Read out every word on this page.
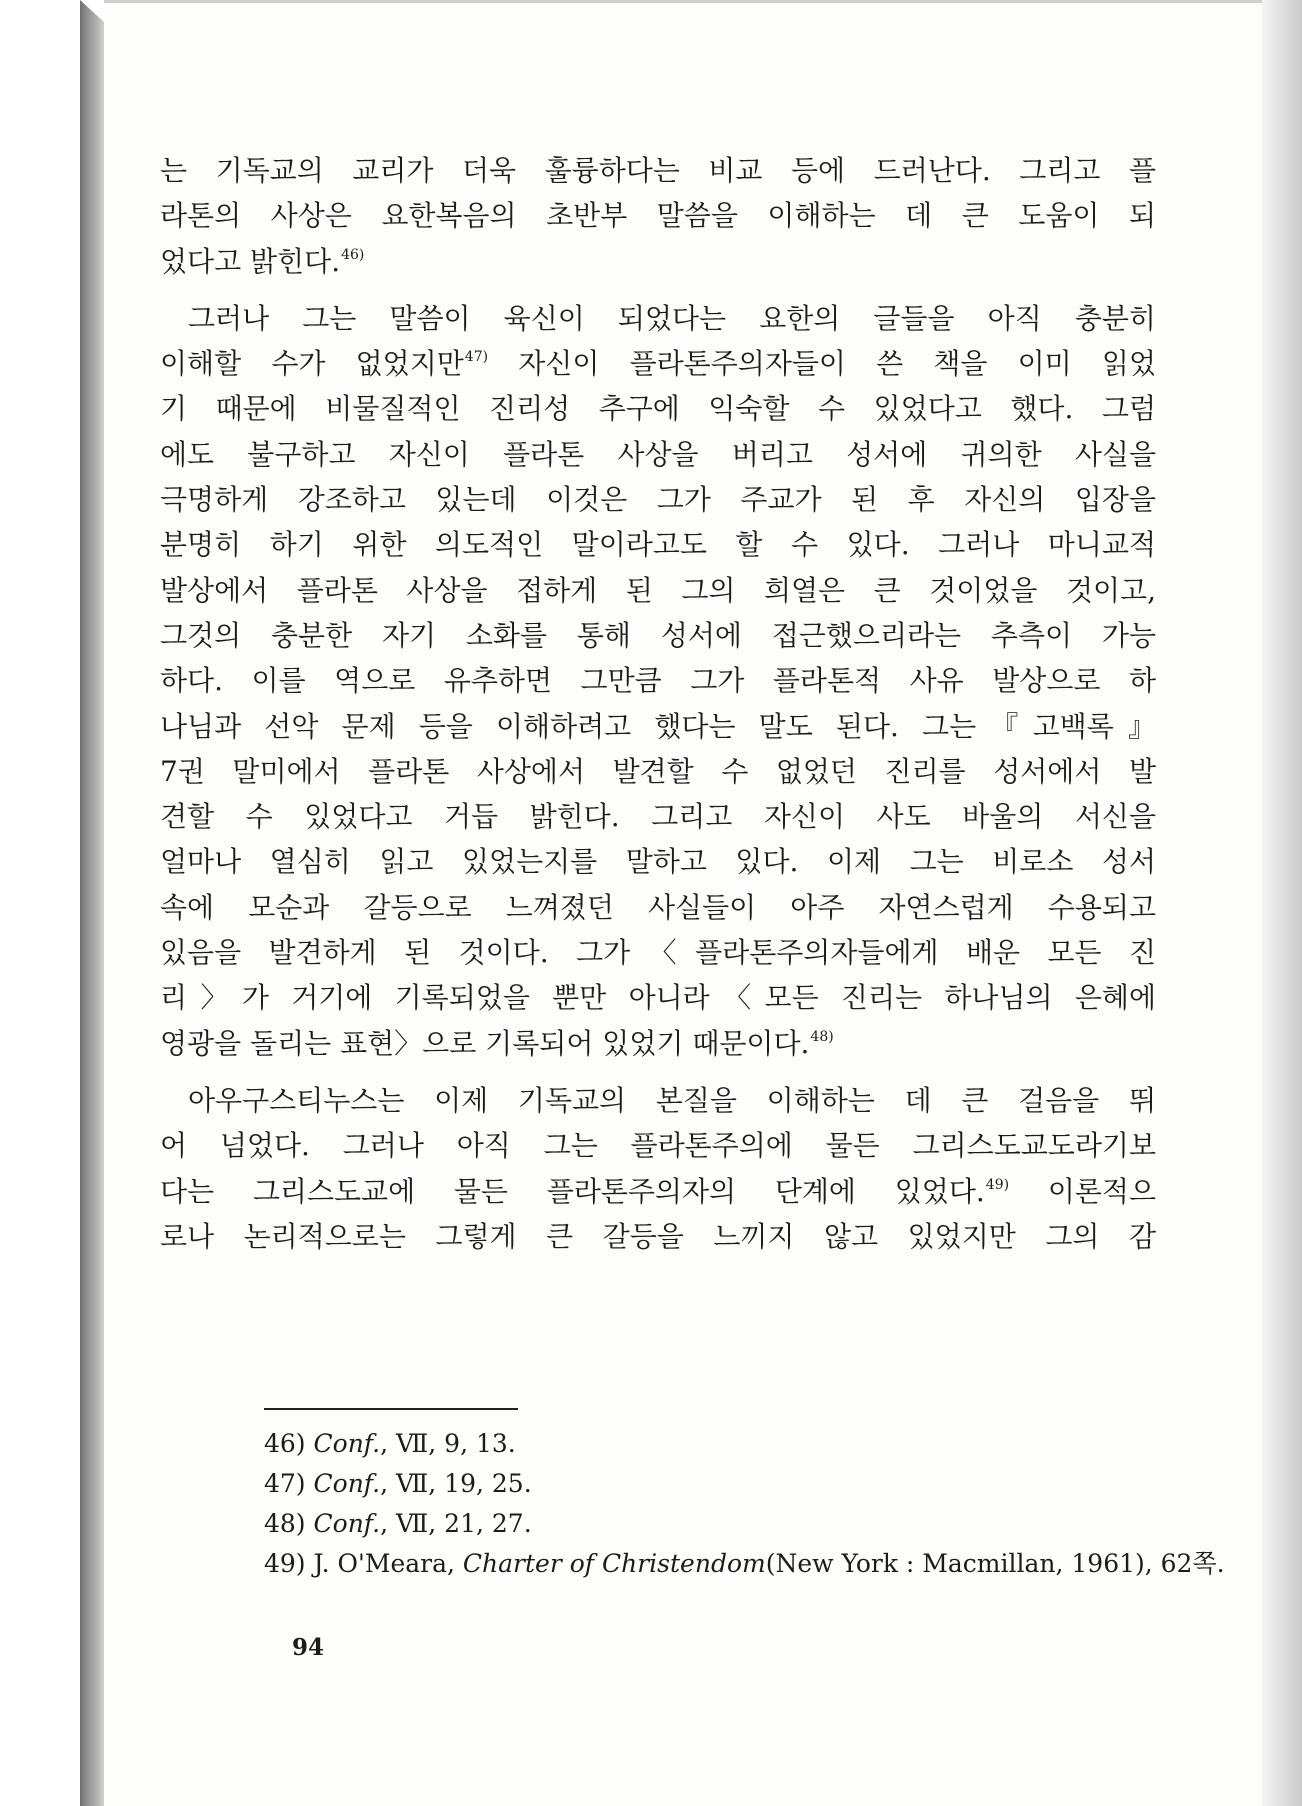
는 기독교의 교리가 더욱 훌륭하다는 비교 등에 드러난다. 그리고 플
라톤의 사상은 요한복음의 초반부 말씀을 이해하는 데 큰 도움이 되
었다고 밝힌다.$^{46)}$

그러나 그는 말씀이 육신이 되었다는 요한의 글들을 아직 충분히
이해할 수가 없었지만$^{47)}$ 자신이 플라톤주의자들이 쓴 책을 이미 읽었
기 때문에 비물질적인 진리성 추구에 익숙할 수 있었다고 했다. 그럼
에도 불구하고 자신이 플라톤 사상을 버리고 성서에 귀의한 사실을
극명하게 강조하고 있는데 이것은 그가 주교가 된 후 자신의 입장을
분명히 하기 위한 의도적인 말이라고도 할 수 있다. 그러나 마니교적
발상에서 플라톤 사상을 접하게 된 그의 희열은 큰 것이었을 것이고,
그것의 충분한 자기 소화를 통해 성서에 접근했으리라는 추측이 가능
하다. 이를 역으로 유추하면 그만큼 그가 플라톤적 사유 발상으로 하
나님과 선악 문제 등을 이해하려고 했다는 말도 된다. 그는『고백록』
7권 말미에서 플라톤 사상에서 발견할 수 없었던 진리를 성서에서 발
견할 수 있었다고 거듭 밝힌다. 그리고 자신이 사도 바울의 서신을
얼마나 열심히 읽고 있었는지를 말하고 있다. 이제 그는 비로소 성서
속에 모순과 갈등으로 느껴졌던 사실들이 아주 자연스럽게 수용되고
있음을 발견하게 된 것이다. 그가〈플라톤주의자들에게 배운 모든 진
리〉가 거기에 기록되었을 뿐만 아니라〈모든 진리는 하나님의 은혜에
영광을 돌리는 표현〉으로 기록되어 있었기 때문이다.$^{48)}$

아우구스티누스는 이제 기독교의 본질을 이해하는 데 큰 걸음을 뛰
어 넘었다. 그러나 아직 그는 플라톤주의에 물든 그리스도교도라기보
다는 그리스도교에 물든 플라톤주의자의 단계에 있었다.$^{49)}$ 이론적으
로나 논리적으로는 그렇게 큰 갈등을 느끼지 않고 있었지만 그의 감

46) Conf., Ⅶ, 9, 13.
47) Conf., Ⅶ, 19, 25.
48) Conf., Ⅶ, 21, 27.
49) J. O'Meara, Charter of Christendom(New York : Macmillan, 1961), 62쪽.
94
